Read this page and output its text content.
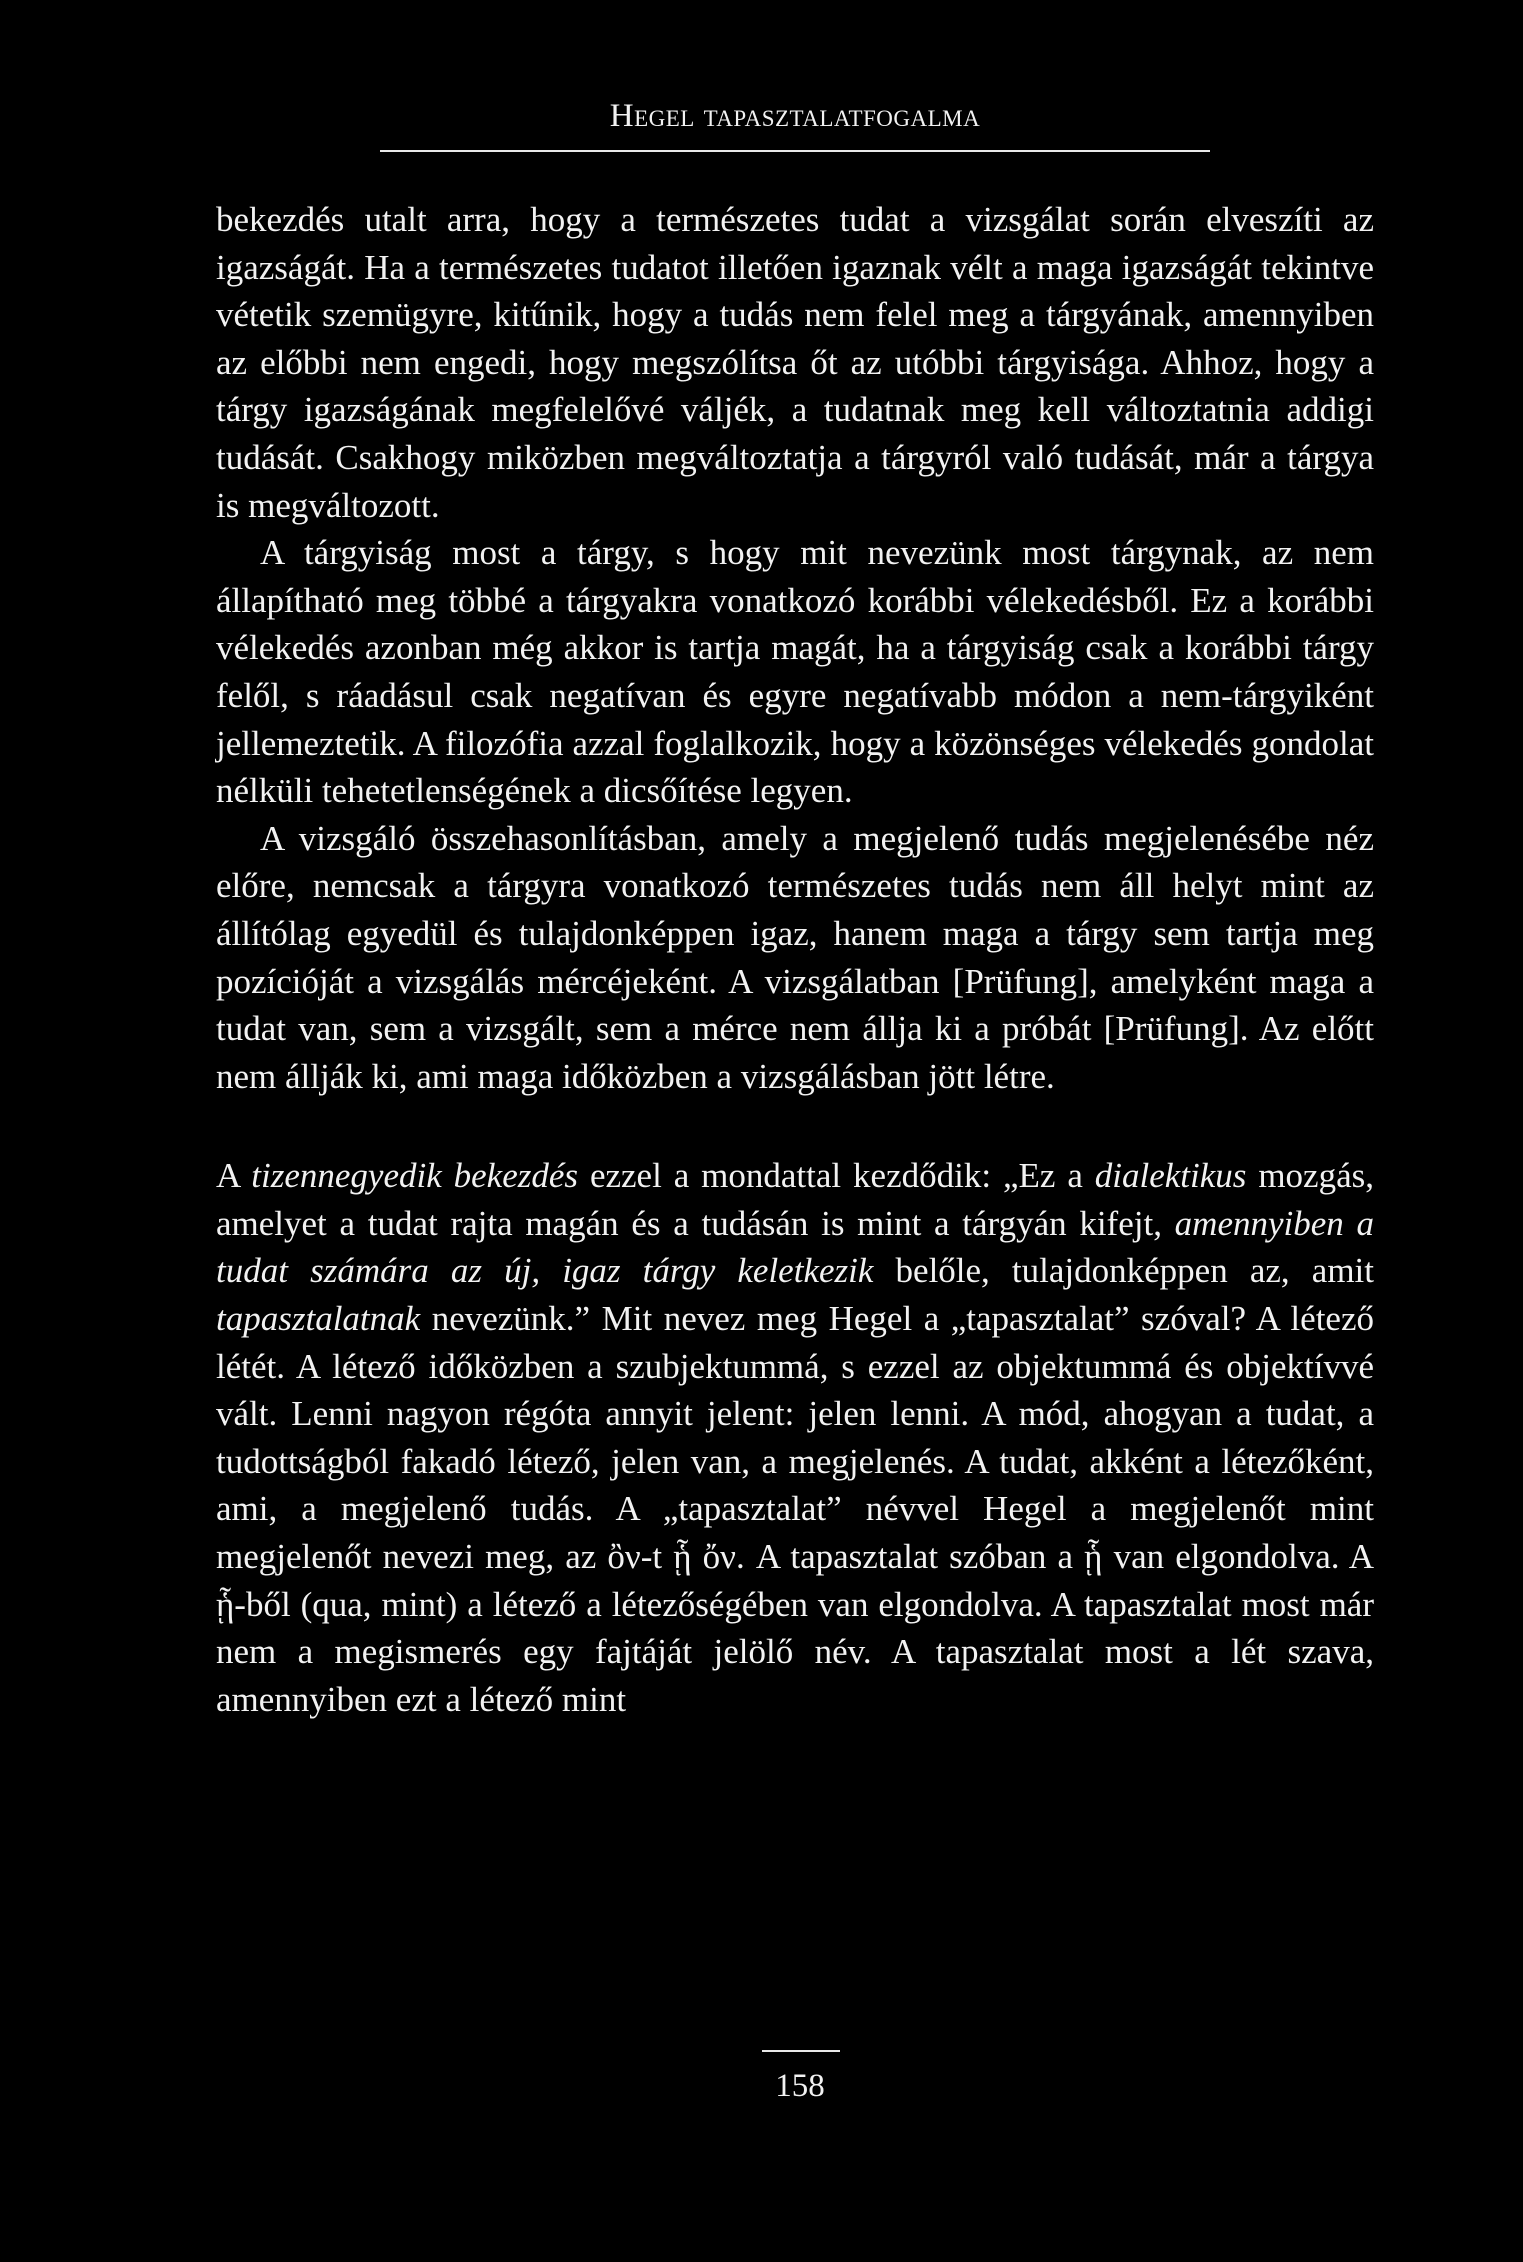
Hegel tapasztalatfogalma

bekezdés utalt arra, hogy a természetes tudat a vizsgálat során elveszíti az igazságát. Ha a természetes tudatot illetően igaznak vélt a maga igazságát tekintve vétetik szemügyre, kitűnik, hogy a tudás nem felel meg a tárgyának, amennyiben az előbbi nem engedi, hogy megszólítsa őt az utóbbi tárgyisága. Ahhoz, hogy a tárgy igazságának megfelelővé váljék, a tudatnak meg kell változtatnia addigi tudását. Csakhogy miközben megváltoztatja a tárgyról való tudását, már a tárgya is megváltozott.

A tárgyiság most a tárgy, s hogy mit nevezünk most tárgynak, az nem állapítható meg többé a tárgyakra vonatkozó korábbi vélekedésből. Ez a korábbi vélekedés azonban még akkor is tartja magát, ha a tárgyiság csak a korábbi tárgy felől, s ráadásul csak negatívan és egyre negatívabb módon a nem-tárgyiként jellemeztetik. A filozófia azzal foglalkozik, hogy a közönséges vélekedés gondolat nélküli tehetetlenségének a dicsőítése legyen.

A vizsgáló összehasonlításban, amely a megjelenő tudás megjelenésébe néz előre, nemcsak a tárgyra vonatkozó természetes tudás nem áll helyt mint az állítólag egyedül és tulajdonképpen igaz, hanem maga a tárgy sem tartja meg pozícióját a vizsgálás mércéjeként. A vizsgálatban [Prüfung], amelyként maga a tudat van, sem a vizsgált, sem a mérce nem állja ki a próbát [Prüfung]. Az előtt nem állják ki, ami maga időközben a vizsgálásban jött létre.

A tizennegyedik bekezdés ezzel a mondattal kezdődik: „Ez a dialektikus mozgás, amelyet a tudat rajta magán és a tudásán is mint a tárgyán kifejt, amennyiben a tudat számára az új, igaz tárgy keletkezik belőle, tulajdonképpen az, amit tapasztalatnak nevezünk.” Mit nevez meg Hegel a „tapasztalat” szóval? A létező létét. A létező időközben a szubjektummá, s ezzel az objektummá és objektívvé vált. Lenni nagyon régóta annyit jelent: jelen lenni. A mód, ahogyan a tudat, a tudottságból fakadó létező, jelen van, a megjelenés. A tudat, akként a létezőként, ami, a megjelenő tudás. A „tapasztalat” névvel Hegel a megjelenőt mint megjelenőt nevezi meg, az ὂν-t ᾗ ὄν. A tapasztalat szóban a ᾗ van elgondolva. A ᾗ-ből (qua, mint) a létező a létezőségében van elgondolva. A tapasztalat most már nem a megismerés egy fajtáját jelölő név. A tapasztalat most a lét szava, amennyiben ezt a létező mint

158
